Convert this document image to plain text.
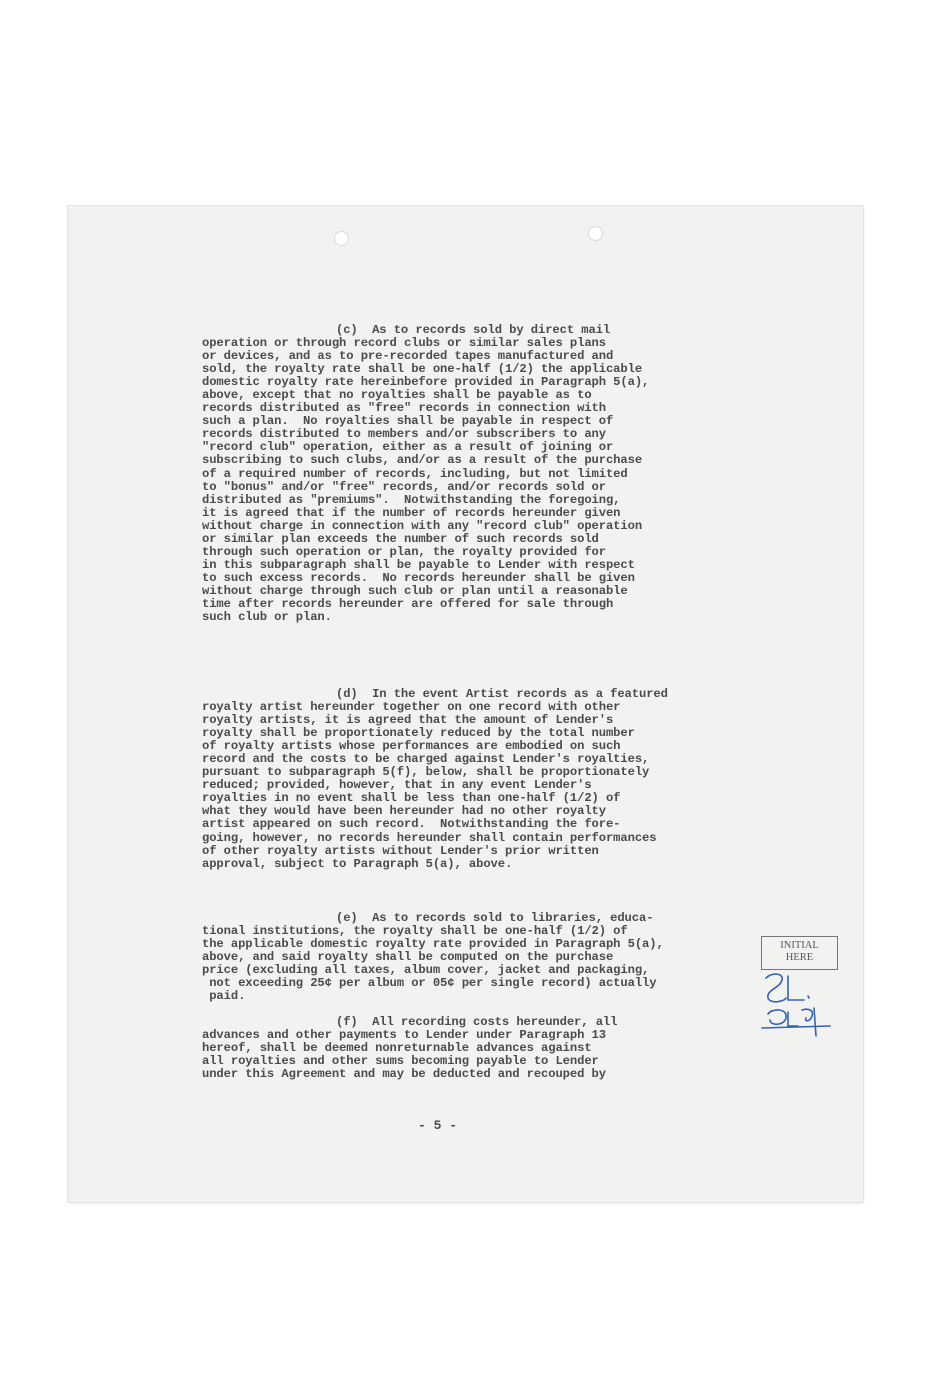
(c)  As to records sold by direct mail
operation or through record clubs or similar sales plans
or devices, and as to pre-recorded tapes manufactured and
sold, the royalty rate shall be one-half (1/2) the applicable
domestic royalty rate hereinbefore provided in Paragraph 5(a),
above, except that no royalties shall be payable as to
records distributed as "free" records in connection with
such a plan.  No royalties shall be payable in respect of
records distributed to members and/or subscribers to any
"record club" operation, either as a result of joining or
subscribing to such clubs, and/or as a result of the purchase
of a required number of records, including, but not limited
to "bonus" and/or "free" records, and/or records sold or
distributed as "premiums".  Notwithstanding the foregoing,
it is agreed that if the number of records hereunder given
without charge in connection with any "record club" operation
or similar plan exceeds the number of such records sold
through such operation or plan, the royalty provided for
in this subparagraph shall be payable to Lender with respect
to such excess records.  No records hereunder shall be given
without charge through such club or plan until a reasonable
time after records hereunder are offered for sale through
such club or plan.
(d)  In the event Artist records as a featured
royalty artist hereunder together on one record with other
royalty artists, it is agreed that the amount of Lender's
royalty shall be proportionately reduced by the total number
of royalty artists whose performances are embodied on such
record and the costs to be charged against Lender's royalties,
pursuant to subparagraph 5(f), below, shall be proportionately
reduced; provided, however, that in any event Lender's
royalties in no event shall be less than one-half (1/2) of
what they would have been hereunder had no other royalty
artist appeared on such record.  Notwithstanding the fore-
going, however, no records hereunder shall contain performances
of other royalty artists without Lender's prior written
approval, subject to Paragraph 5(a), above.
(e)  As to records sold to libraries, educa-
tional institutions, the royalty shall be one-half (1/2) of
the applicable domestic royalty rate provided in Paragraph 5(a),
above, and said royalty shall be computed on the purchase
price (excluding all taxes, album cover, jacket and packaging,
not exceeding 25¢ per album or 05¢ per single record) actually
paid.
(f)  All recording costs hereunder, all
advances and other payments to Lender under Paragraph 13
hereof, shall be deemed nonreturnable advances against
all royalties and other sums becoming payable to Lender
under this Agreement and may be deducted and recouped by
- 5 -
INITIAL
HERE
